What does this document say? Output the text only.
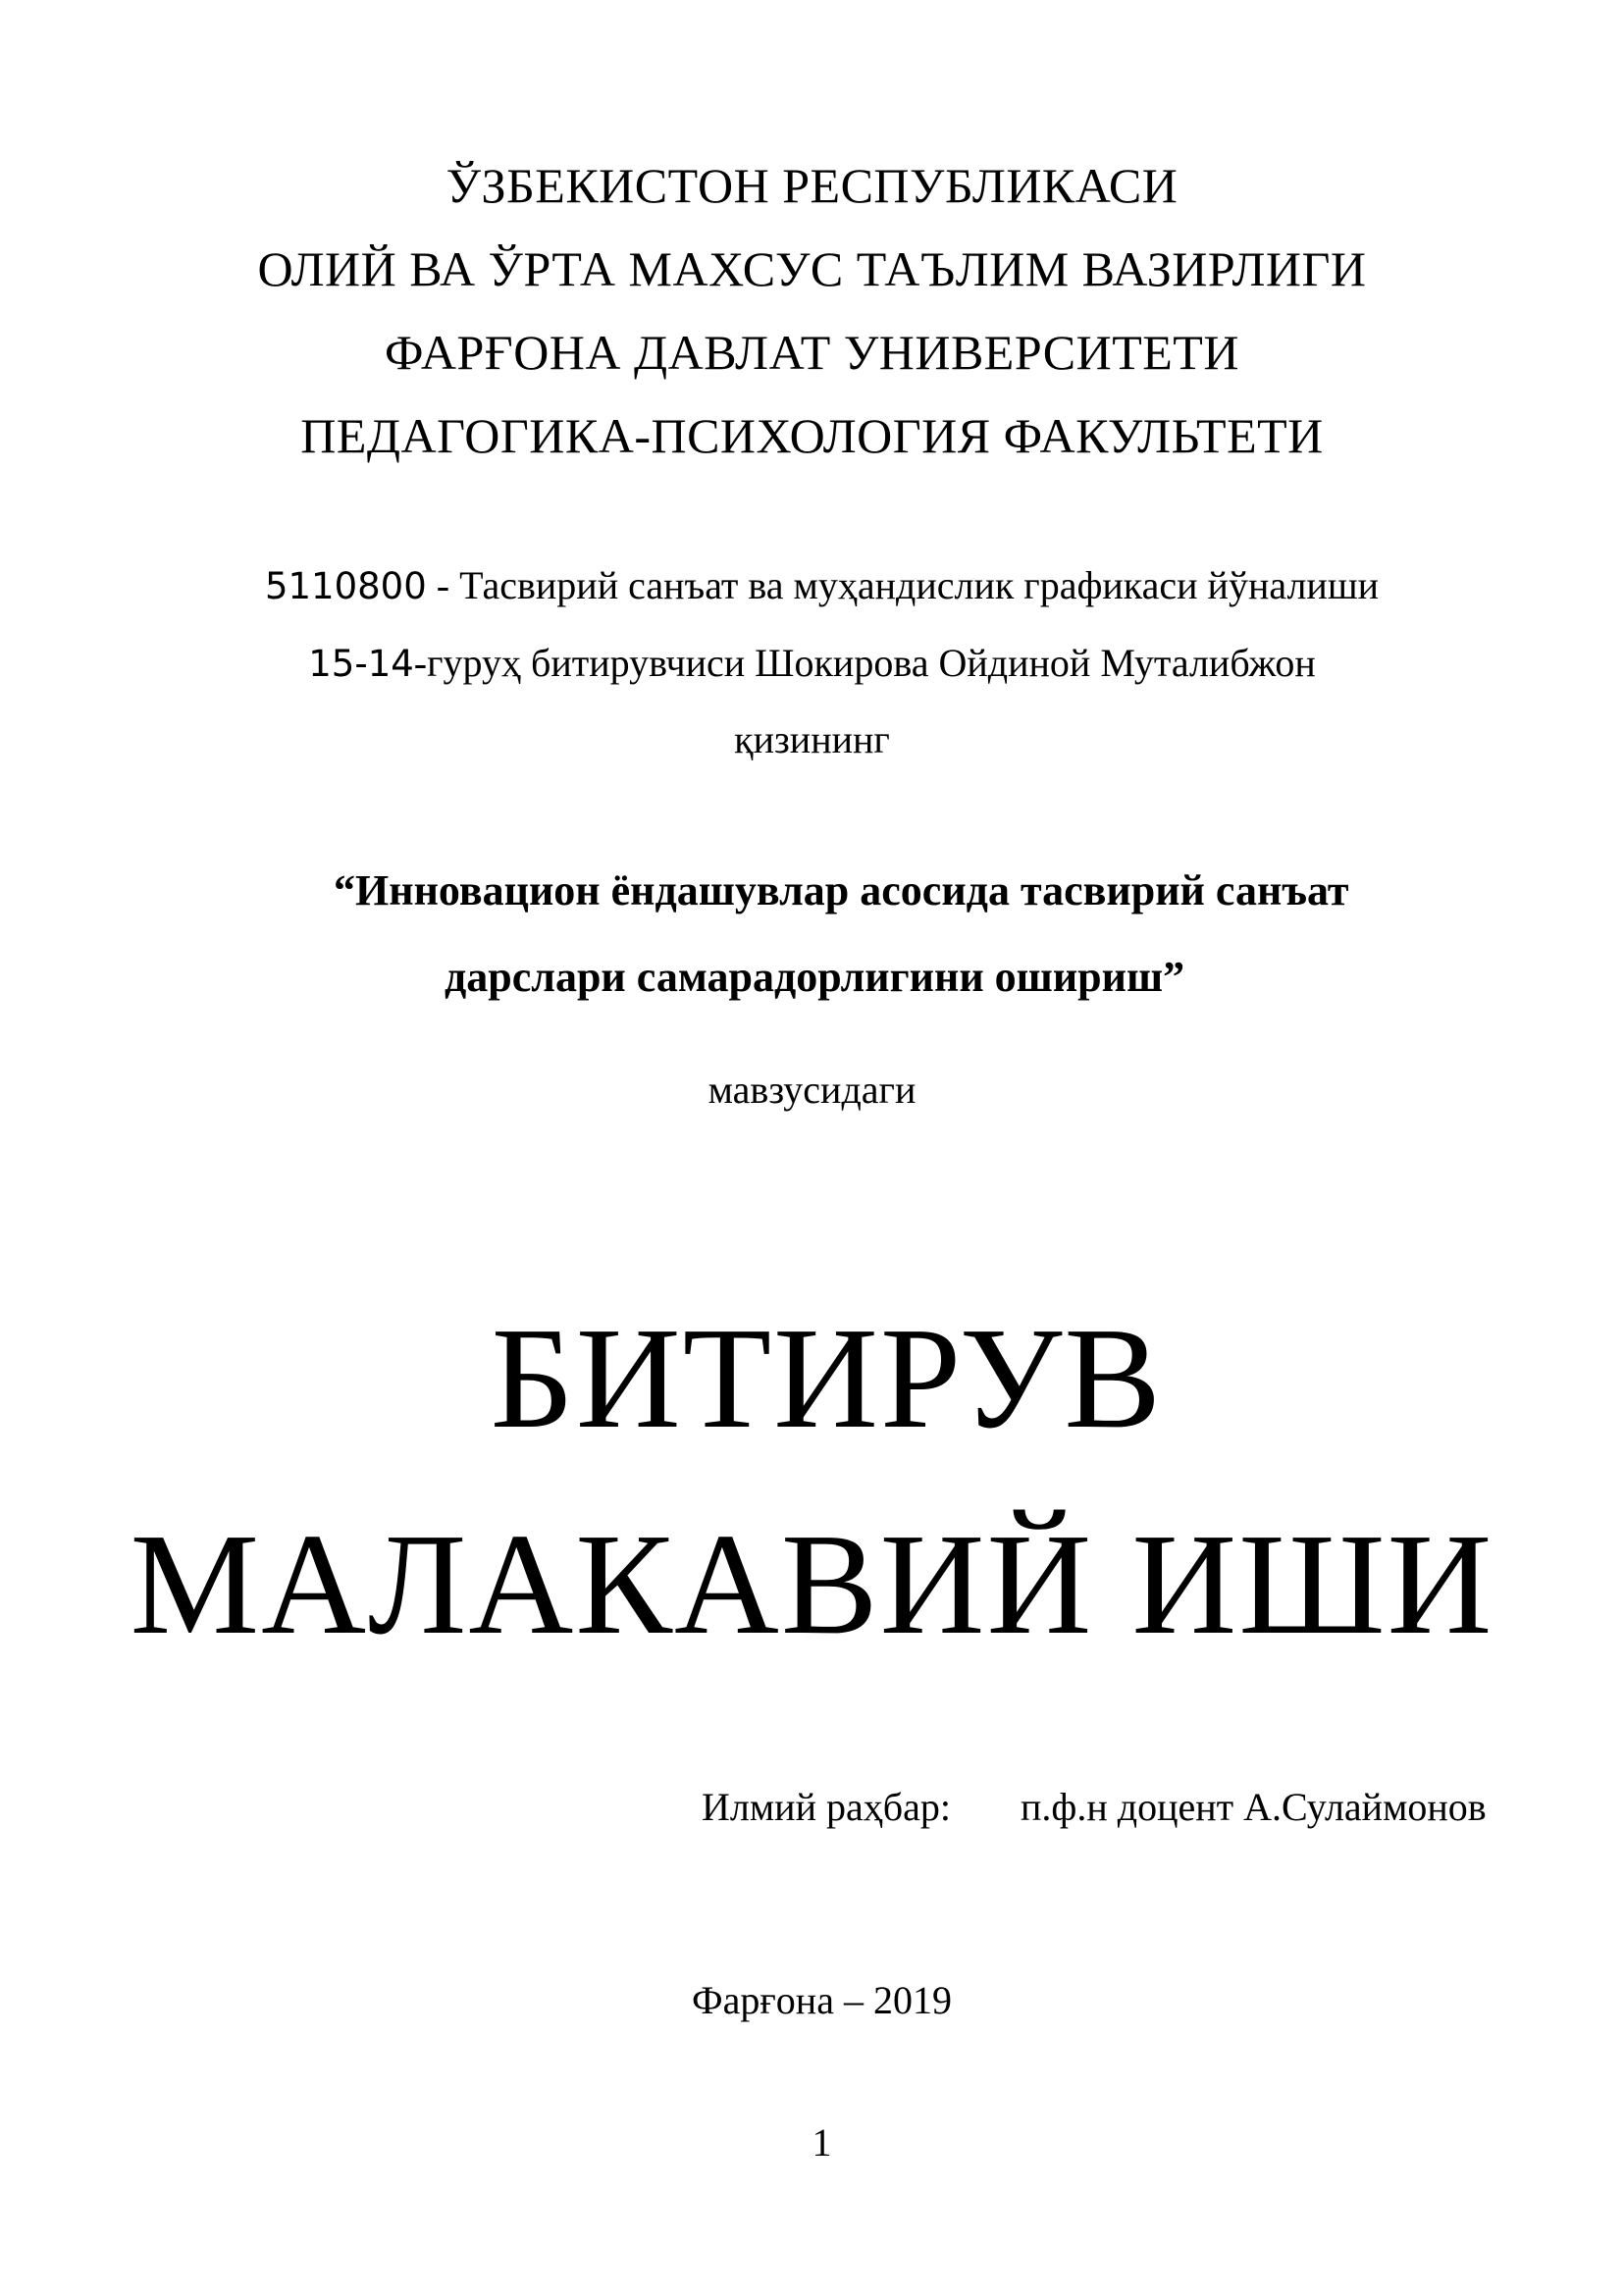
ЎЗБЕКИСТОН РЕСПУБЛИКАСИ
ОЛИЙ ВА ЎРТА МАХСУС ТАЪЛИМ ВАЗИРЛИГИ
ФАРҒОНА ДАВЛАТ УНИВЕРСИТЕТИ
ПЕДАГОГИКА-ПСИХОЛОГИЯ ФАКУЛЬТЕТИ
5110800 - Тасвирий санъат ва муҳандислик графикаси йўналиши
15-14-гуруҳ битирувчиси Шокирова Ойдиной Муталибжон
қизининг
“Инновацион ёндашувлар асосида тасвирий санъат
дарслари самарадорлигини ошириш”
мавзусидаги
БИТИРУВ
МАЛАКАВИЙ ИШИ
Илмий раҳбар: п.ф.н доцент А.Сулаймонов
Фарғона – 2019
1
